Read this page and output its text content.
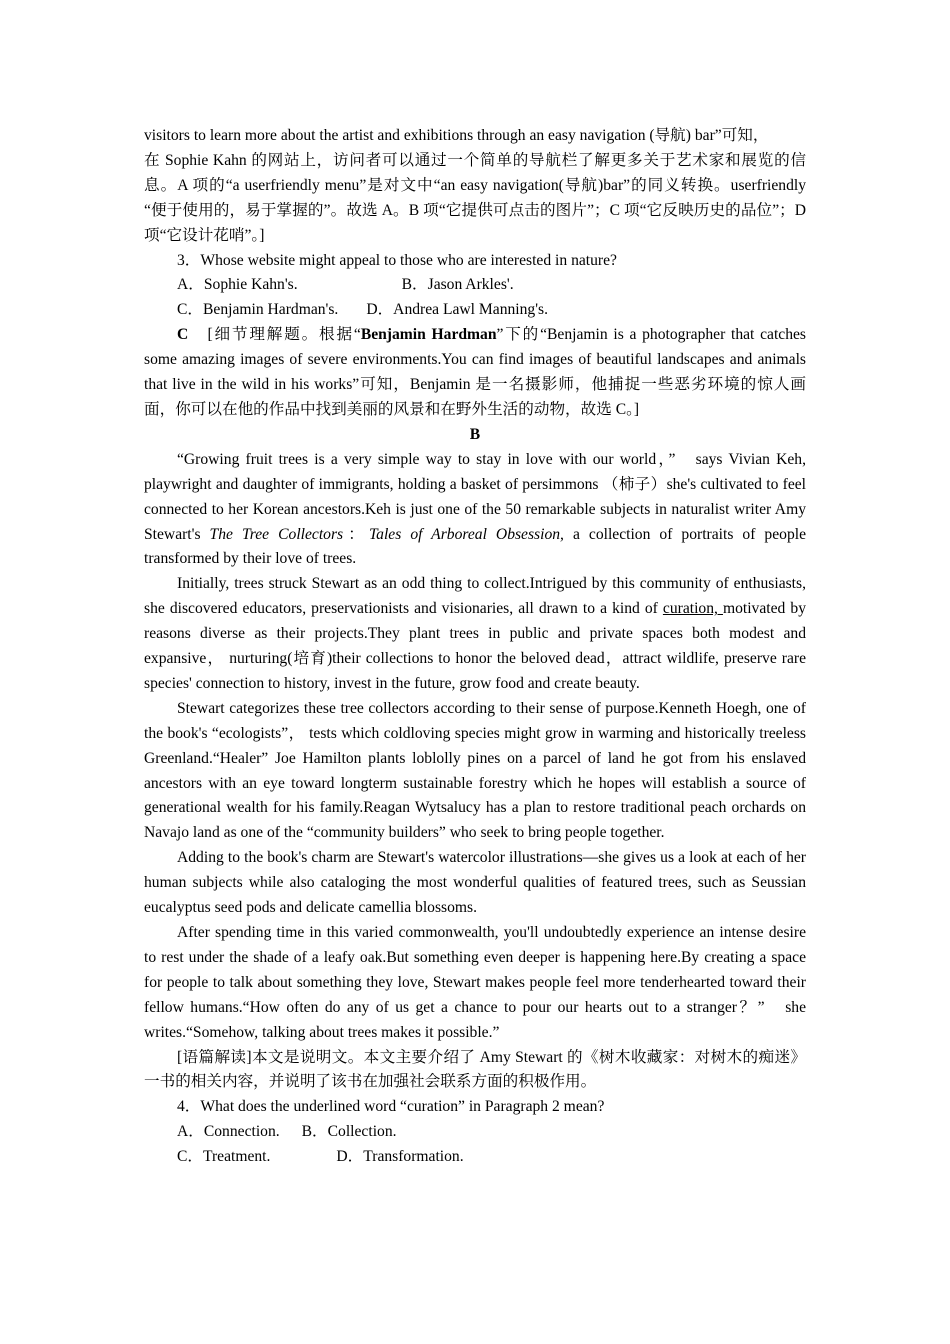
visitors to learn more about the artist and exhibitions through an easy navigation (导航) bar”可知，
在 Sophie Kahn 的网站上，访问者可以通过一个简单的导航栏了解更多关于艺术家和展览的信息。A 项的“a userfriendly menu”是对文中“an easy navigation(导航)bar”的同义转换。userfriendly “便于使用的，易于掌握的”。故选 A。B 项“它提供可点击的图片”；C 项“它反映历史的品位”；D 项“它设计花哨”。]

3．Whose website might appeal to those who are interested in nature?

A．Sophie Kahn's.	B．Jason Arkles'.

C．Benjamin Hardman's. D．Andrea Lawl Manning's.

C　[细节理解题。根据“Benjamin Hardman”下的“Benjamin is a photographer that catches some amazing images of severe environments.You can find images of beautiful landscapes and animals that live in the wild in his works”可知，Benjamin 是一名摄影师，他捕捉一些恶劣环境的惊人画面，你可以在他的作品中找到美丽的风景和在野外生活的动物，故选 C。]

B

“Growing fruit trees is a very simple way to stay in love with our world，”　says Vivian Keh, playwright and daughter of immigrants, holding a basket of persimmons （柿子）she's cultivated to feel connected to her Korean ancestors.Keh is just one of the 50 remarkable subjects in naturalist writer Amy Stewart's The Tree Collectors：Tales of Arboreal Obsession, a collection of portraits of people transformed by their love of trees.

Initially, trees struck Stewart as an odd thing to collect.Intrigued by this community of enthusiasts, she discovered educators, preservationists and visionaries, all drawn to a kind of curation, motivated by reasons diverse as their projects.They plant trees in public and private spaces both modest and expansive， nurturing(培育)their collections to honor the beloved dead，attract wildlife, preserve rare species' connection to history, invest in the future, grow food and create beauty.

Stewart categorizes these tree collectors according to their sense of purpose.Kenneth Hoegh, one of the book's “ecologists”， tests which coldloving species might grow in warming and historically treeless Greenland.“Healer” Joe Hamilton plants loblolly pines on a parcel of land he got from his enslaved ancestors with an eye toward longterm sustainable forestry which he hopes will establish a source of generational wealth for his family.Reagan Wytsalucy has a plan to restore traditional peach orchards on Navajo land as one of the “community builders” who seek to bring people together.

Adding to the book's charm are Stewart's watercolor illustrations—she gives us a look at each of her human subjects while also cataloging the most wonderful qualities of featured trees, such as Seussian eucalyptus seed pods and delicate camellia blossoms.

After spending time in this varied commonwealth, you'll undoubtedly experience an intense desire to rest under the shade of a leafy oak.But something even deeper is happening here.By creating a space for people to talk about something they love, Stewart makes people feel more tenderhearted toward their fellow humans.“How often do any of us get a chance to pour our hearts out to a stranger？”　she writes.“Somehow, talking about trees makes it possible.”

[语篇解读]本文是说明文。本文主要介绍了 Amy Stewart 的《树木收藏家：对树木的痴迷》一书的相关内容，并说明了该书在加强社会联系方面的积极作用。

4．What does the underlined word “curation” in Paragraph 2 mean?

A．Connection. B．Collection.

C．Treatment.	D．Transformation.
